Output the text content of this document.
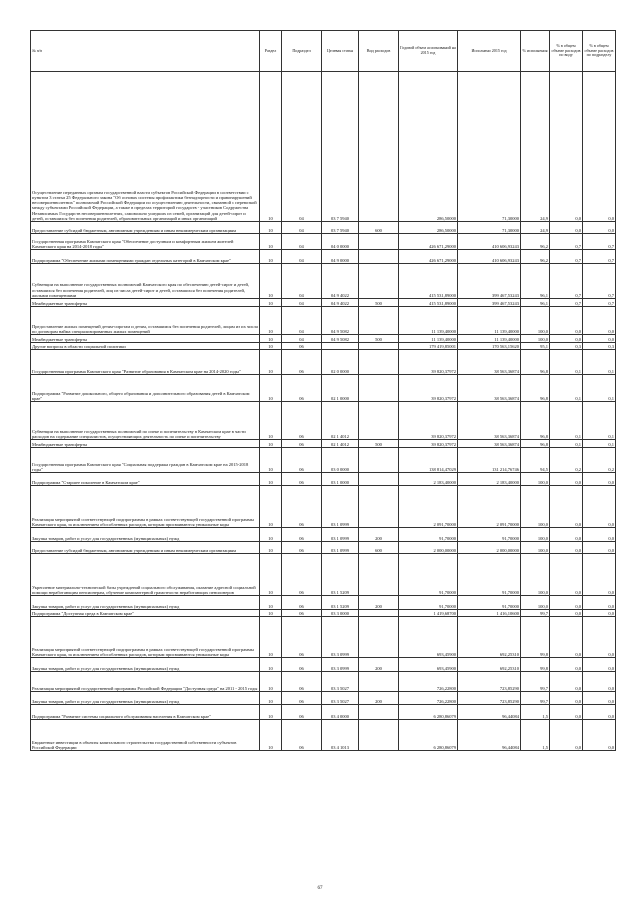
№ п/п	Раздел	Подраздел	Целевая статья	Вид расходов	Годовой объем ассигнований на 2015 год	Исполнено 2015 год	% исполнения	% в общем объеме расходов по виду	% в общем объеме расходов по подразделу
Осуществление переданных органам государственной власти субъектов Российской Федерации в соответствии с пунктом 3 статьи 25 Федерального закона "Об основах системы профилактики безнадзорности и правонарушений несовершеннолетних" полномочий Российской Федерации по осуществлению деятельности, связанной с перевозкой между субъектами Российской Федерации, а также в пределах территорий государств - участников Содружества Независимых Государств несовершеннолетних, самовольно ушедших из семей, организаций для детей-сирот и детей, оставшихся без попечения родителей, образовательных организаций и иных организаций	10	04	03 7 5940		286,50000	71,30000	24,9	0,0	0,0
Предоставление субсидий бюджетным, автономным учреждениям и иным некоммерческим организациям	10	04	03 7 5940	600	286,50000	71,30000	24,9	0,0	0,0
Государственная программа Камчатского края "Обеспечение доступным и комфортным жильем жителей Камчатского края на 2014-2018 годы"	10	04	04 0 0000		426 671,29000	410 606,93243	96,2	0,7	0,7
Подпрограмма "Обеспечение жилыми помещениями граждан отдельных категорий в Камчатском крае"	10	04	04 9 0000		426 671,29000	410 606,93243	96,2	0,7	0,7
Субвенции на выполнение государственных полномочий Камчатского края по обеспечению детей-сирот и детей, оставшихся без попечения родителей, лиц из числа детей-сирот и детей, оставшихся без попечения родителей, жилыми помещениями	10	04	04 9 4022		415 531,89000	399 467,53243	96,1	0,7	0,7
Межбюджетные трансферты	10	04	04 9 4022	500	415 531,89000	399 467,53243	96,1	0,7	0,7
Предоставление жилых помещений детям-сиротам и детям, оставшимся без попечения родителей, лицам из их числа по договорам найма специализированных жилых помещений	10	04	04 9 5082		11 139,40000	11 139,40000	100,0	0,0	0,0
Межбюджетные трансферты	10	04	04 9 5082	500	11 139,40000	11 139,40000	100,0	0,0	0,0
Другие вопросы в области социальной политики	10	06			179 419,85001	170 563,15620	95,1	0,3	0,3
Государственная программа Камчатского края "Развитие образования в Камчатском крае на 2014-2020 годы"	10	06	02 0 0000		39 820,37972	38 563,36874	96,8	0,1	0,1
Подпрограмма "Развитие дошкольного, общего образования и дополнительного образования детей в Камчатском крае"	10	06	02 1 0000		39 820,37972	38 563,36874	96,8	0,1	0,1
Субвенции на выполнение государственных полномочий по опеке и попечительству в Камчатском крае в части расходов на содержание специалистов, осуществляющих деятельность по опеке и попечительству	10	06	02 1 4012		39 820,37972	38 563,36874	96,8	0,1	0,1
Межбюджетные трансферты	10	06	02 1 4012	500	39 820,37972	38 563,36874	96,8	0,1	0,1
Государственная программа Камчатского края "Социальная поддержка граждан в Камчатском крае на 2015-2018 годы"	10	06	03 0 0000		138 814,47029	131 214,76746	94,5	0,2	0,2
Подпрограмма "Старшее поколение в Камчатском крае"	10	06	03 1 0000		2 183,40000	2 183,40000	100,0	0,0	0,0
Реализация мероприятий соответствующей подпрограммы в рамках соответствующей государственной программы Камчатского края, за исключением обособленных расходов, которым присваиваются уникальные коды	10	06	03 1 0999		2 091,70000	2 091,70000	100,0	0,0	0,0
Закупка товаров, работ и услуг для государственных (муниципальных) нужд	10	06	03 1 0999	200	91,70000	91,70000	100,0	0,0	0,0
Предоставление субсидий бюджетным, автономным учреждениям и иным некоммерческим организациям	10	06	03 1 0999	600	2 000,00000	2 000,00000	100,0	0,0	0,0
Укрепление материально-технической базы учреждений социального обслуживания, оказание адресной социальной помощи неработающим пенсионерам, обучение компьютерной грамотности неработающих пенсионеров	10	06	03 1 5209		91,70000	91,70000	100,0	0,0	0,0
Закупка товаров, работ и услуг для государственных (муниципальных) нужд	10	06	03 1 5209	200	91,70000	91,70000	100,0	0,0	0,0
Подпрограмма "Доступная среда в Камчатском крае"	10	06	03 3 0000		1 419,68700	1 416,10600	99,7	0,0	0,0
Реализация мероприятий соответствующей подпрограммы в рамках соответствующей государственной программы Камчатского края, за исключением обособленных расходов, которым присваиваются уникальные коды	10	06	03 3 0999		693,45900	692,25310	99,8	0,0	0,0
Закупка товаров, работ и услуг для государственных (муниципальных) нужд	10	06	03 3 0999	200	693,45900	692,25310	99,8	0,0	0,0
Реализация мероприятий государственной программы Российской Федерации "Доступная среда" на 2011 - 2015 годы	10	06	03 3 5027		726,22800	723,85290	99,7	0,0	0,0
Закупка товаров, работ и услуг для государственных (муниципальных) нужд	10	06	03 3 5027	200	726,22800	723,85290	99,7	0,0	0,0
Подпрограмма "Развитие системы социального обслуживания населения в Камчатском крае"	10	06	03 4 0000		6 280,86079	96,44084	1,5	0,0	0,0
Бюджетные инвестиции в объекты капитального строительства государственной собственности субъектов Российской Федерации	10	06	03 4 1013		6 280,86079	96,44084	1,5	0,0	0,0
67
